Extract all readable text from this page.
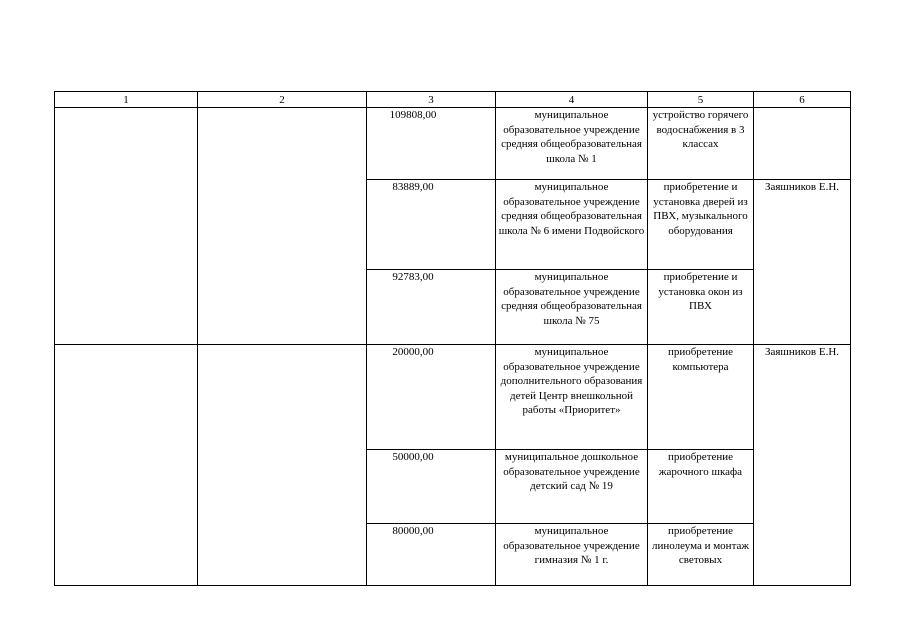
1	2	3	4	5	6
		109808,00	муниципальное образовательное учреждение средняя общеобразовательная школа № 1	устройство горячего водоснабжения в 3 классах	
		83889,00	муниципальное образовательное учреждение средняя общеобразовательная школа № 6 имени Подвойского	приобретение и установка дверей из ПВХ, музыкального оборудования	Заяшников Е.Н.
		92783,00	муниципальное образовательное учреждение средняя общеобразовательная школа № 75	приобретение и установка окон из ПВХ	
		20000,00	муниципальное образовательное учреждение дополнительного образования детей Центр внешкольной работы «Приоритет»	приобретение компьютера	Заяшников Е.Н.
		50000,00	муниципальное дошкольное образовательное учреждение детский сад № 19	приобретение жарочного шкафа	
		80000,00	муниципальное образовательное учреждение гимназия № 1 г.	приобретение линолеума и монтаж световых	
